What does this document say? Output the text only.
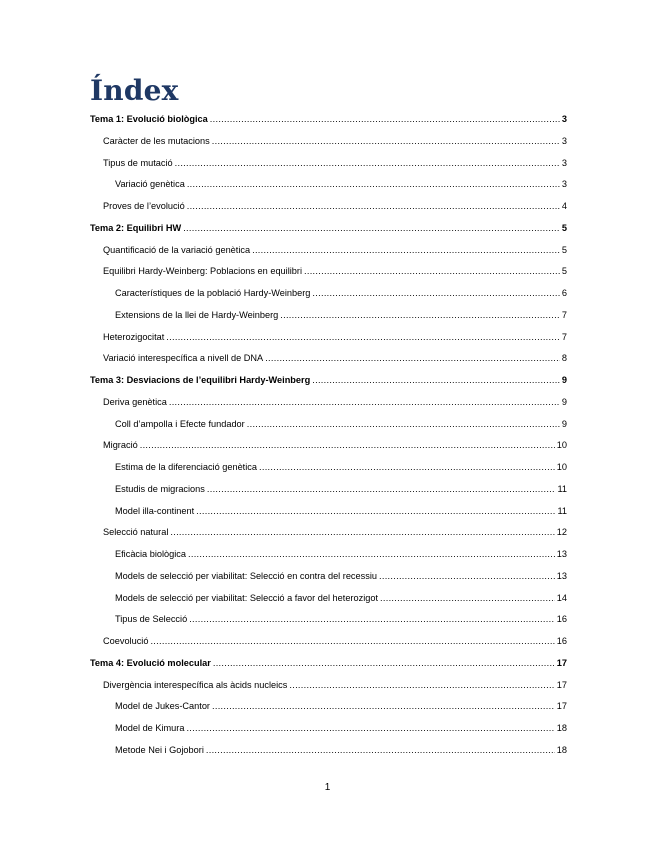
Índex
Tema 1: Evolució biològica .....	3
Caràcter de les mutacions .....	3
Tipus de mutació .....	3
Variació genètica .....	3
Proves de l’evolució .....	4
Tema 2: Equilibri HW .....	5
Quantificació de la variació genètica .....	5
Equilibri Hardy-Weinberg: Poblacions en equilibri .....	5
Característiques de la població Hardy-Weinberg .....	6
Extensions de la llei de Hardy-Weinberg .....	7
Heterozigocitat .....	7
Variació interespecífica a nivell de DNA .....	8
Tema 3: Desviacions de l’equilibri Hardy-Weinberg .....	9
Deriva genètica .....	9
Coll d’ampolla i Efecte fundador .....	9
Migració .....	10
Estima de la diferenciació genètica .....	10
Estudis de migracions .....	11
Model illa-continent .....	11
Selecció natural .....	12
Eficàcia biològica .....	13
Models de selecció per viabilitat: Selecció en contra del recessiu .....	13
Models de selecció per viabilitat: Selecció a favor del heterozigot .....	14
Tipus de Selecció .....	16
Coevolució .....	16
Tema 4: Evolució molecular .....	17
Divergència interespecífica als àcids nucleics .....	17
Model de Jukes-Cantor .....	17
Model de Kimura .....	18
Metode Nei i Gojobori .....	18
1
